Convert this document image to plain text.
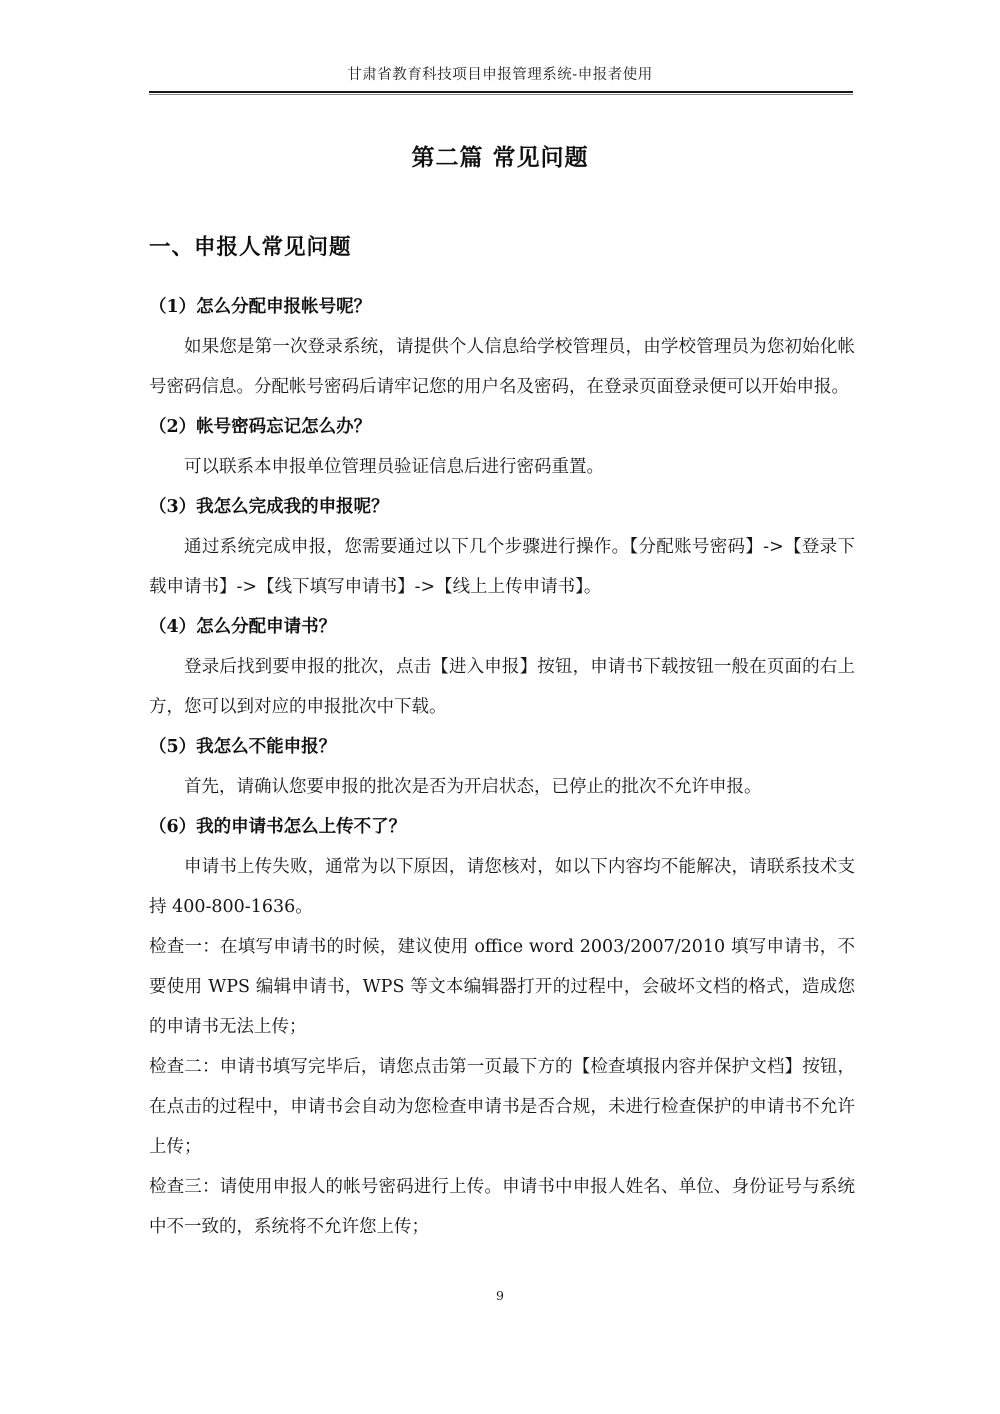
甘肃省教育科技项目申报管理系统-申报者使用
第二篇 常见问题
一、申报人常见问题
（1）怎么分配申报帐号呢？

如果您是第一次登录系统，请提供个人信息给学校管理员，由学校管理员为您初始化帐号密码信息。分配帐号密码后请牢记您的用户名及密码，在登录页面登录便可以开始申报。

（2）帐号密码忘记怎么办？

可以联系本申报单位管理员验证信息后进行密码重置。

（3）我怎么完成我的申报呢？

通过系统完成申报，您需要通过以下几个步骤进行操作。【分配账号密码】->【登录下载申请书】->【线下填写申请书】->【线上上传申请书】。

（4）怎么分配申请书？

登录后找到要申报的批次，点击【进入申报】按钮，申请书下载按钮一般在页面的右上方，您可以到对应的申报批次中下载。

（5）我怎么不能申报？

首先，请确认您要申报的批次是否为开启状态，已停止的批次不允许申报。

（6）我的申请书怎么上传不了？

申请书上传失败，通常为以下原因，请您核对，如以下内容均不能解决，请联系技术支持 400-800-1636。

检查一：在填写申请书的时候，建议使用 office word 2003/2007/2010 填写申请书，不要使用 WPS 编辑申请书，WPS 等文本编辑器打开的过程中，会破坏文档的格式，造成您的申请书无法上传；

检查二：申请书填写完毕后，请您点击第一页最下方的【检查填报内容并保护文档】按钮，在点击的过程中，申请书会自动为您检查申请书是否合规，未进行检查保护的申请书不允许上传；

检查三：请使用申报人的帐号密码进行上传。申请书中申报人姓名、单位、身份证号与系统中不一致的，系统将不允许您上传；

9
